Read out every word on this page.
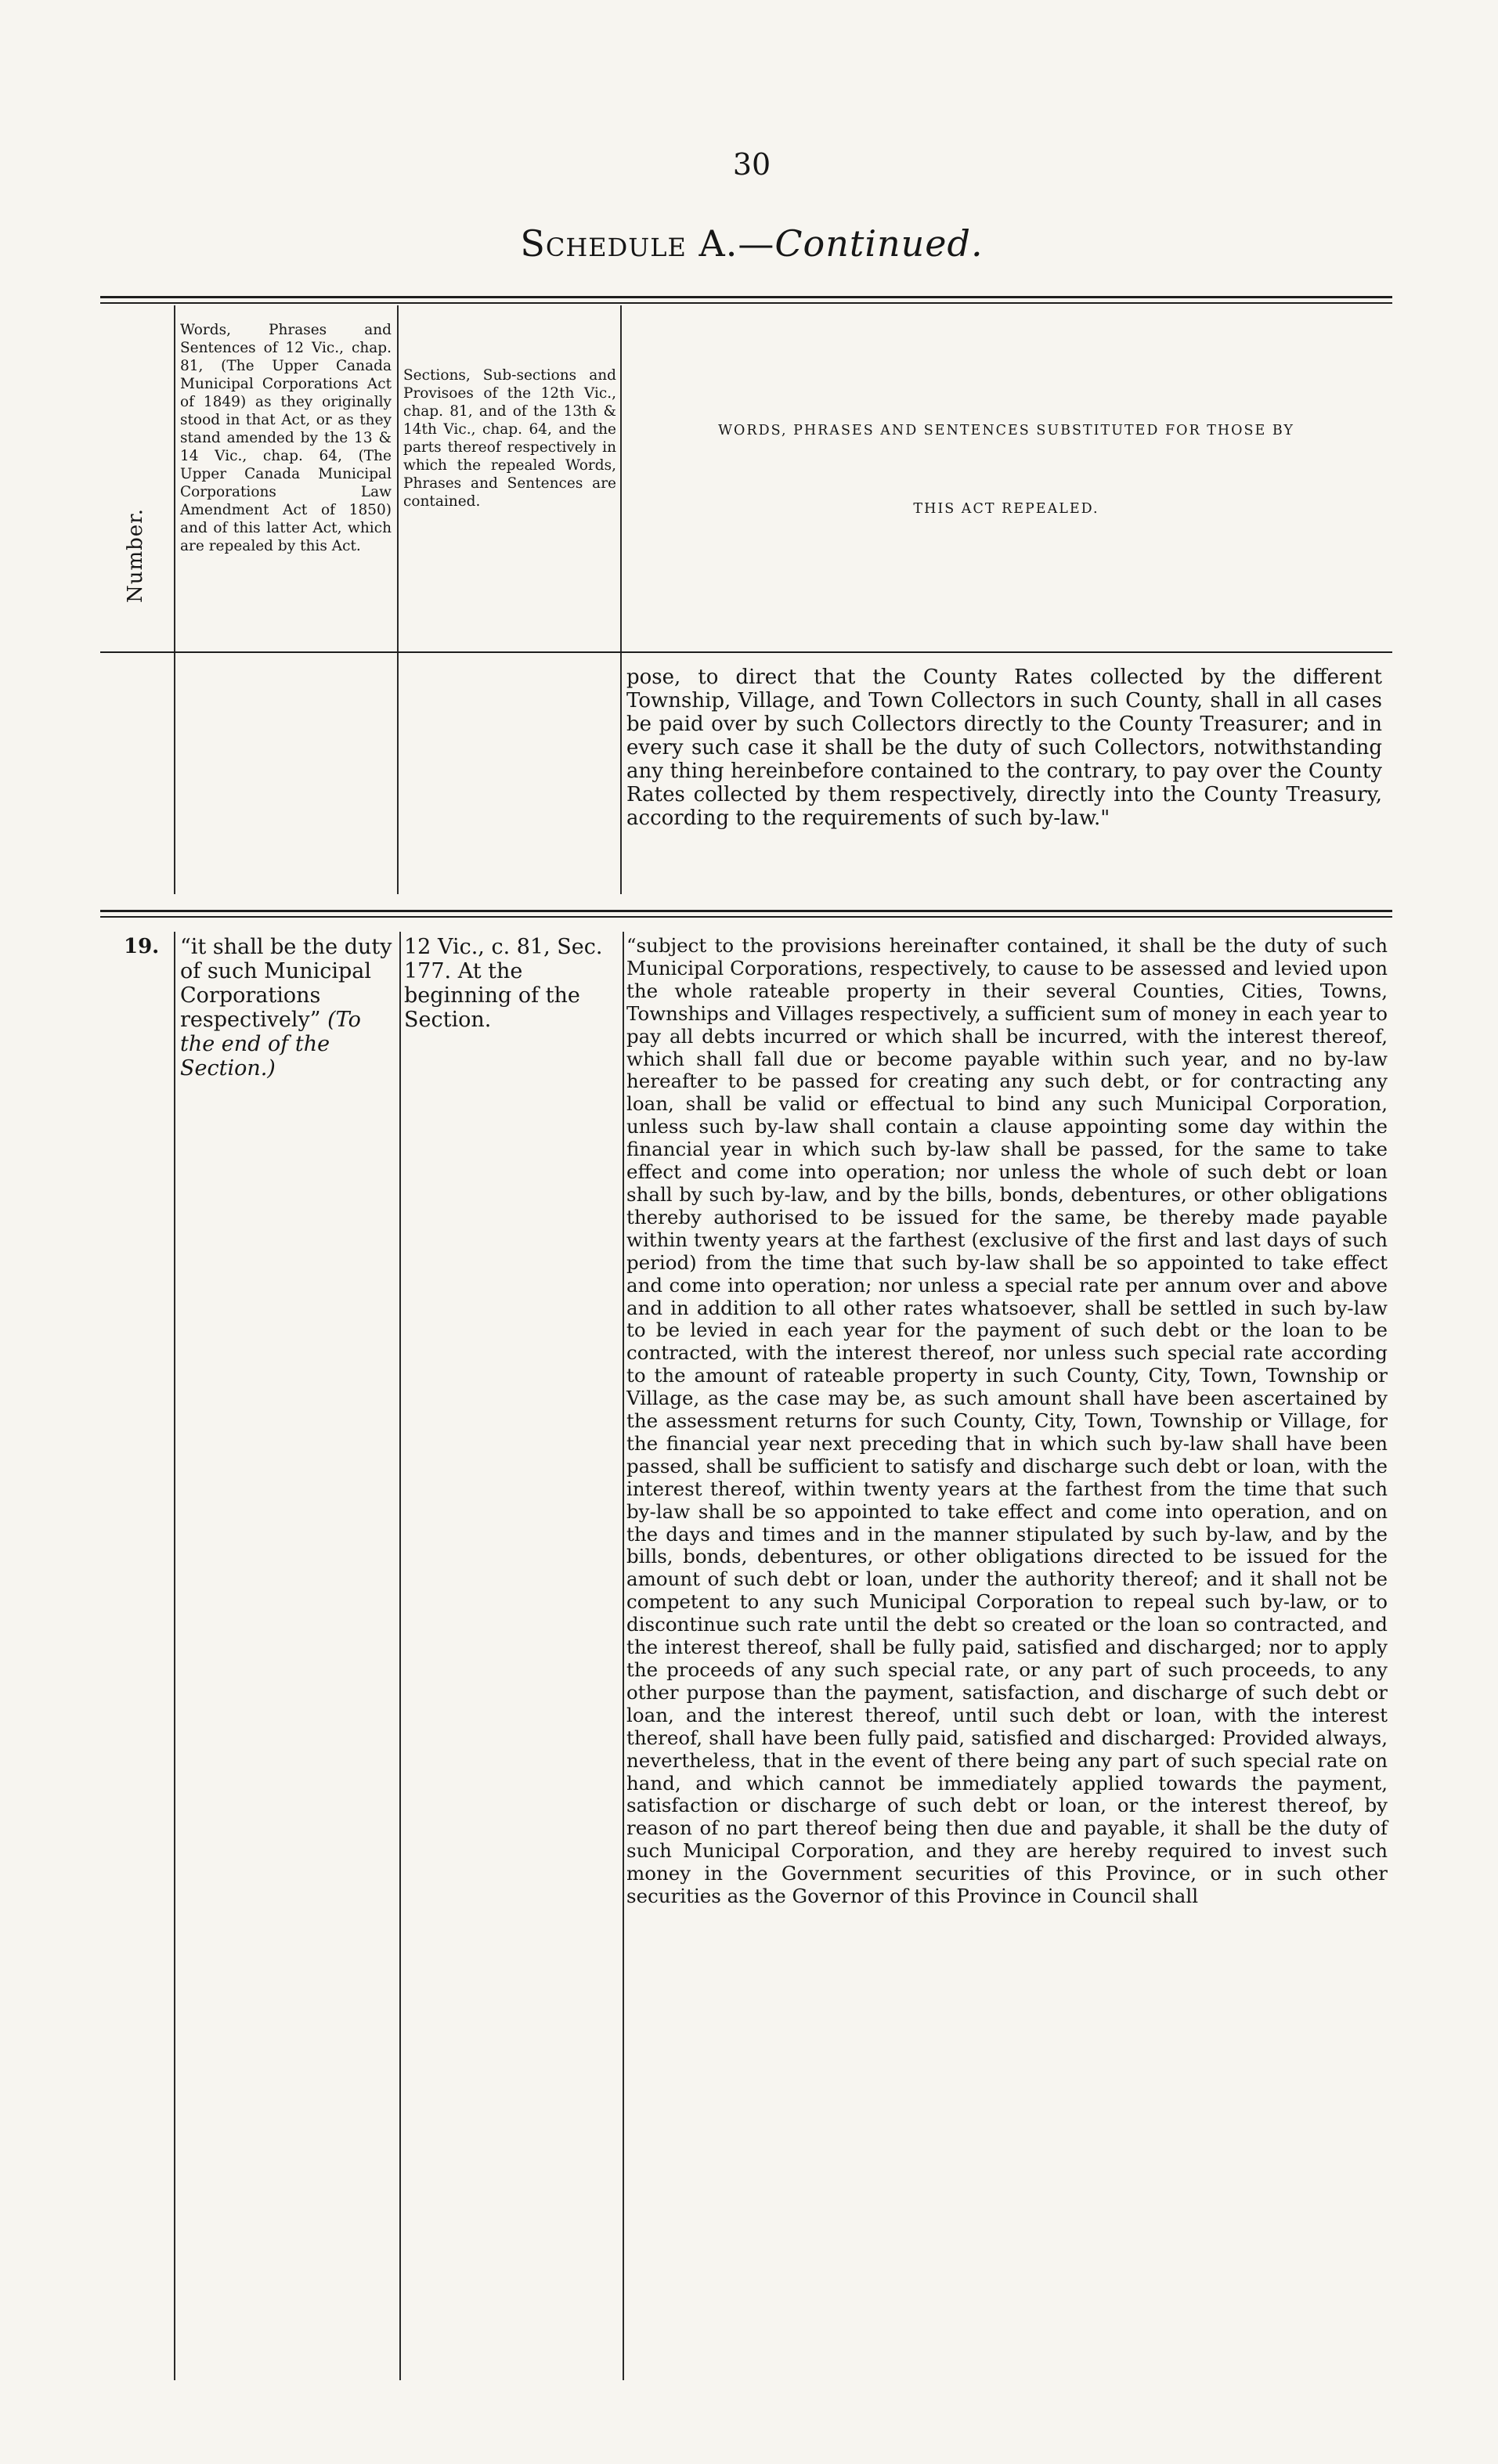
30
Schedule A.—Continued.
Number.
Words, Phrases and Sentences of 12 Vic., chap. 81, (The Upper Canada Municipal Corporations Act of 1849) as they originally stood in that Act, or as they stand amended by the 13 & 14 Vic., chap. 64, (The Upper Canada Municipal Corporations Law Amendment Act of 1850) and of this latter Act, which are repealed by this Act.
Sections, Sub-sections and Provisoes of the 12th Vic., chap. 81, and of the 13th & 14th Vic., chap. 64, and the parts thereof respectively in which the repealed Words, Phrases and Sentences are contained.
WORDS, PHRASES AND SENTENCES SUBSTITUTED FOR THOSE BY
THIS ACT REPEALED.
pose, to direct that the County Rates collected by the different Township, Village, and Town Collectors in such County, shall in all cases be paid over by such Collectors directly to the County Treasurer; and in every such case it shall be the duty of such Collectors, notwithstanding any thing hereinbefore contained to the contrary, to pay over the County Rates collected by them respectively, directly into the County Treasury, according to the requirements of such by-law."
19. “it shall be the duty of such Municipal Corporations respectively” (To the end of the Section.)
12 Vic., c. 81, Sec. 177. At the beginning of the Section.
“subject to the provisions hereinafter contained, it shall be the duty of such Municipal Corporations, respectively, to cause to be assessed and levied upon the whole rateable property in their several Counties, Cities, Towns, Townships and Villages respectively, a sufficient sum of money in each year to pay all debts incurred or which shall be incurred, with the interest thereof, which shall fall due or become payable within such year, and no by-law hereafter to be passed for creating any such debt, or for contracting any loan, shall be valid or effectual to bind any such Municipal Corporation, unless such by-law shall contain a clause appointing some day within the financial year in which such by-law shall be passed, for the same to take effect and come into operation; nor unless the whole of such debt or loan shall by such by-law, and by the bills, bonds, debentures, or other obligations thereby authorised to be issued for the same, be thereby made payable within twenty years at the farthest (exclusive of the first and last days of such period) from the time that such by-law shall be so appointed to take effect and come into operation; nor unless a special rate per annum over and above and in addition to all other rates whatsoever, shall be settled in such by-law to be levied in each year for the payment of such debt or the loan to be contracted, with the interest thereof, nor unless such special rate according to the amount of rateable property in such County, City, Town, Township or Village, as the case may be, as such amount shall have been ascertained by the assessment returns for such County, City, Town, Township or Village, for the financial year next preceding that in which such by-law shall have been passed, shall be sufficient to satisfy and discharge such debt or loan, with the interest thereof, within twenty years at the farthest from the time that such by-law shall be so appointed to take effect and come into operation, and on the days and times and in the manner stipulated by such by-law, and by the bills, bonds, debentures, or other obligations directed to be issued for the amount of such debt or loan, under the authority thereof; and it shall not be competent to any such Municipal Corporation to repeal such by-law, or to discontinue such rate until the debt so created or the loan so contracted, and the interest thereof, shall be fully paid, satisfied and discharged; nor to apply the proceeds of any such special rate, or any part of such proceeds, to any other purpose than the payment, satisfaction, and discharge of such debt or loan, and the interest thereof, until such debt or loan, with the interest thereof, shall have been fully paid, satisfied and discharged: Provided always, nevertheless, that in the event of there being any part of such special rate on hand, and which cannot be immediately applied towards the payment, satisfaction or discharge of such debt or loan, or the interest thereof, by reason of no part thereof being then due and payable, it shall be the duty of such Municipal Corporation, and they are hereby required to invest such money in the Government securities of this Province, or in such other securities as the Governor of this Province in Council shall
